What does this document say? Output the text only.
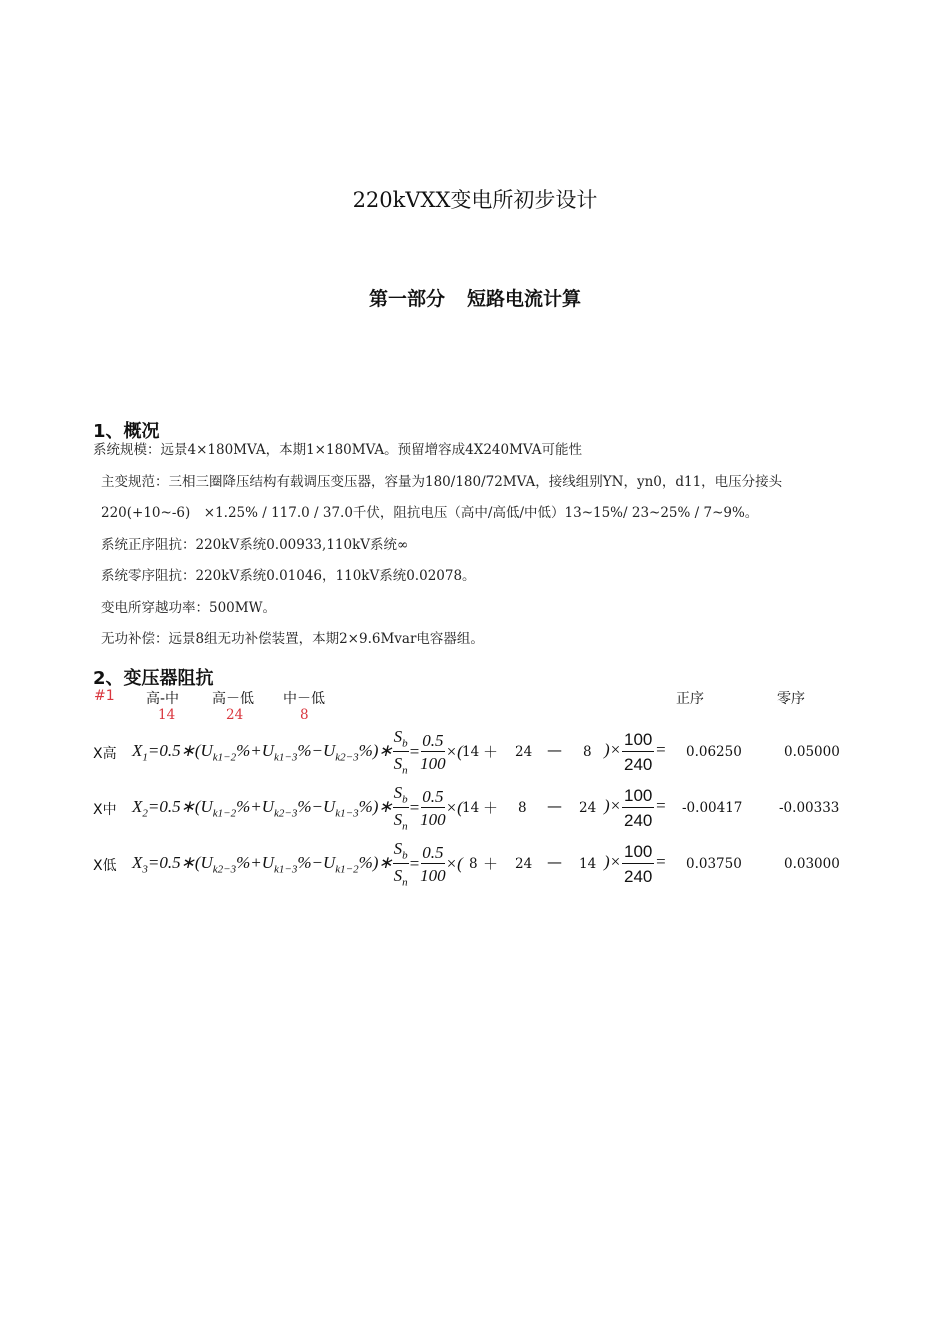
220kVXX变电所初步设计
第一部分 短路电流计算
1、概况
系统规模：远景4×180MVA，本期1×180MVA。预留增容成4X240MVA可能性
主变规范：三相三圈降压结构有载调压变压器，容量为180/180/72MVA，接线组别YN，yn0，d11，电压分接头
220(+10~-6)　×1.25% / 117.0 / 37.0千伏，阻抗电压（高中/高低/中低）13~15%/ 23~25% / 7~9%。
系统正序阻抗：220kV系统0.00933,110kV系统∞
系统零序阻抗：220kV系统0.01046，110kV系统0.02078。
变电所穿越功率：500MW。
无功补偿：远景8组无功补偿装置，本期2×9.6Mvar电容器组。
2、变压器阻抗
#1 高-中 高－低 中－低	正序	零序
14	24	8
X高 $X_1=0.5∗(U_{k1-2}\%+U_{k1-3}\%-U_{k2-3}\%)∗ \frac{S_b}{S_n} = \frac{0.5}{100}$ ×( 14 ＋ 24 — 8 )×
100
240
= 0.06250	0.05000
X中 $X_2=0.5∗(U_{k1-2}\%+U_{k2-3}\%-U_{k1-3}\%)∗ \frac{S_b}{S_n} = \frac{0.5}{100}$ ×( 14 ＋ 8 — 24 )×
100
240
= -0.00417	-0.00333
X低 $X_3=0.5∗(U_{k2-3}\%+U_{k1-3}\%-U_{k1-2}\%)∗ \frac{S_b}{S_n} = \frac{0.5}{100}$ ×( 8 ＋ 24 — 14 )×
100
240
= 0.03750	0.03000
